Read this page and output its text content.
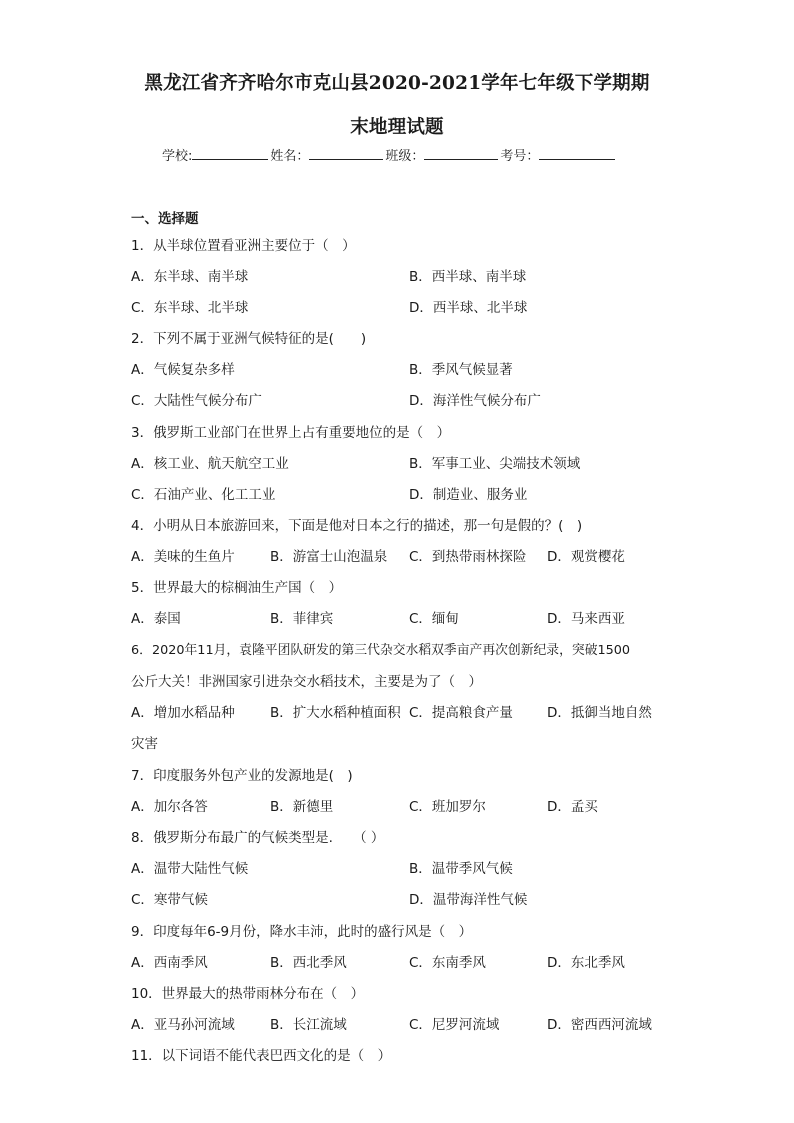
黑龙江省齐齐哈尔市克山县2020-2021学年七年级下学期期
末地理试题
学校:	姓名：	班级：	考号：
一、选择题
1．从半球位置看亚洲主要位于（　）
A．东半球、南半球	B．西半球、南半球
C．东半球、北半球	D．西半球、北半球
2．下列不属于亚洲气候特征的是(　　)
A．气候复杂多样	B．季风气候显著
C．大陆性气候分布广	D．海洋性气候分布广
3．俄罗斯工业部门在世界上占有重要地位的是（　）
A．核工业、航天航空工业	B．军事工业、尖端技术领域
C．石油产业、化工工业	D．制造业、服务业
4．小明从日本旅游回来，下面是他对日本之行的描述，那一句是假的？(　)
A．美味的生鱼片	B．游富士山泡温泉 C．到热带雨林探险 D．观赏樱花
5．世界最大的棕榈油生产国（　）
A．泰国	B．菲律宾	C．缅甸	D．马来西亚
6．2020年11月，袁隆平团队研发的第三代杂交水稻双季亩产再次创新纪录，突破1500
公斤大关！非洲国家引进杂交水稻技术，主要是为了（　）
A．增加水稻品种	B．扩大水稻种植面积 C．提高粮食产量	D．抵御当地自然
灾害
7．印度服务外包产业的发源地是(　)
A．加尔各答	B．新德里	C．班加罗尔	D．孟买
8．俄罗斯分布最广的气候类型是.　　（ ）
A．温带大陆性气候	B．温带季风气候
C．寒带气候	D．温带海洋性气候
9．印度每年6-9月份，降水丰沛，此时的盛行风是（　）
A．西南季风	B．西北季风	C．东南季风	D．东北季风
10．世界最大的热带雨林分布在（　）
A．亚马孙河流域	B．长江流域	C．尼罗河流域	D．密西西河流域
11．以下词语不能代表巴西文化的是（　）
